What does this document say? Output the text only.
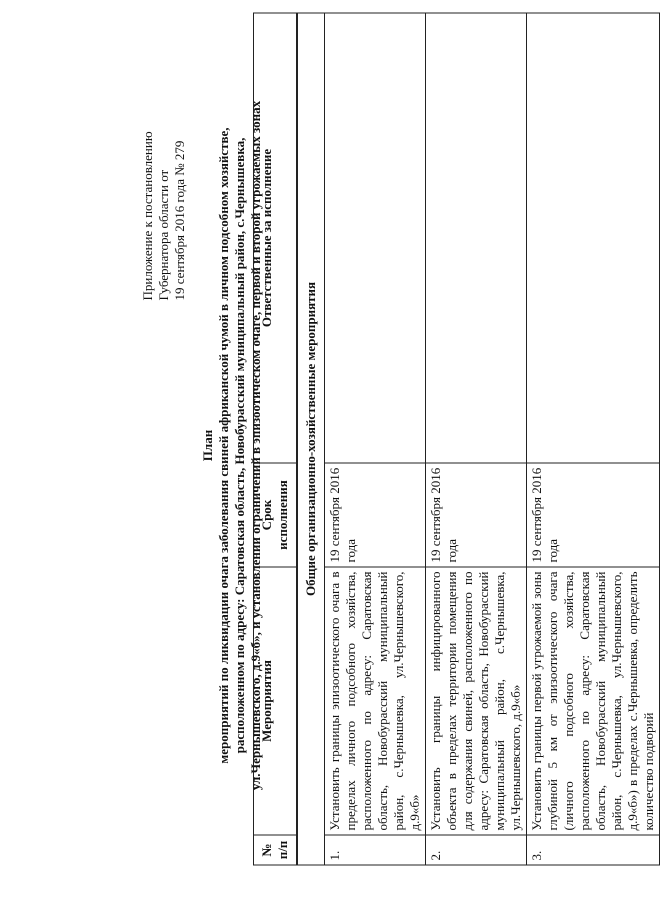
Приложение к постановлению Губернатора области от 19 сентября 2016 года № 279
План мероприятий по ликвидации очага заболевания свиней африканской чумой в личном подсобном хозяйстве, расположенном по адресу: Саратовская область, Новобурасский муниципальный район, с.Чернышевка, ул.Чернышевского, д.9«б», и установлении ограничений в эпизоотическом очаге, первой и второй угрожаемых зонах
№ п/п	Мероприятия	Срок исполнения	Ответственные за исполнение
Общие организационно-хозяйственные мероприятия			
1.	Установить границы эпизоотического очага в пределах личного подсобного хозяйства, расположенного по адресу: Саратовская область, Новобурасский муниципальный район, с.Чернышевка, ул.Чернышевского, д.9«б»	19 сентября 2016 года	
2.	Установить границы инфицированного объекта в пределах территории помещения для содержания свиней, расположенного по адресу: Саратовская область, Новобурасский муниципальный район, с.Чернышевка, ул.Чернышевского, д.9«б»	19 сентября 2016 года	
3.	Установить границы первой угрожаемой зоны глубиной 5 км от эпизоотического очага (личного подсобного хозяйства, расположенного по адресу: Саратовская область, Новобурасский муниципальный район, с.Чернышевка, ул.Чернышевского, д.9«б») в пределах с.Чернышевка, определить количество подворий	19 сентября 2016 года	
